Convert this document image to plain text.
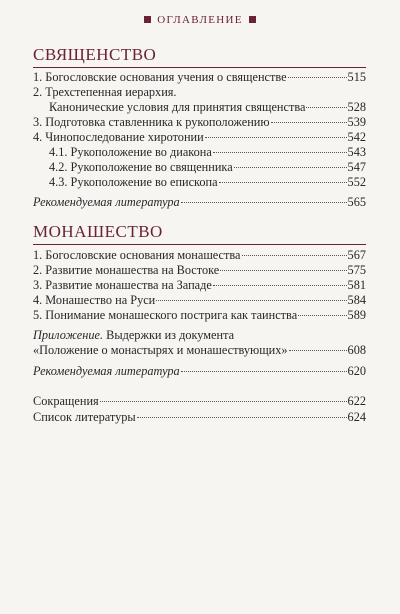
ОГЛАВЛЕНИЕ
СВЯЩЕНСТВО
1. Богословские основания учения о священстве	515
2. Трехстепенная иерархия.
Канонические условия для принятия священства	528
3. Подготовка ставленника к рукоположению	539
4. Чинопоследование хиротонии	542
4.1. Рукоположение во диакона	543
4.2. Рукоположение во священника	547
4.3. Рукоположение во епископа	552
Рекомендуемая литература	565
МОНАШЕСТВО
1. Богословские основания монашества	567
2. Развитие монашества на Востоке	575
3. Развитие монашества на Западе	581
4. Монашество на Руси	584
5. Понимание монашеского пострига как таинства	589
Приложение. Выдержки из документа
«Положение о монастырях и монашествующих»	608
Рекомендуемая литература	620
Сокращения	622
Список литературы	624
